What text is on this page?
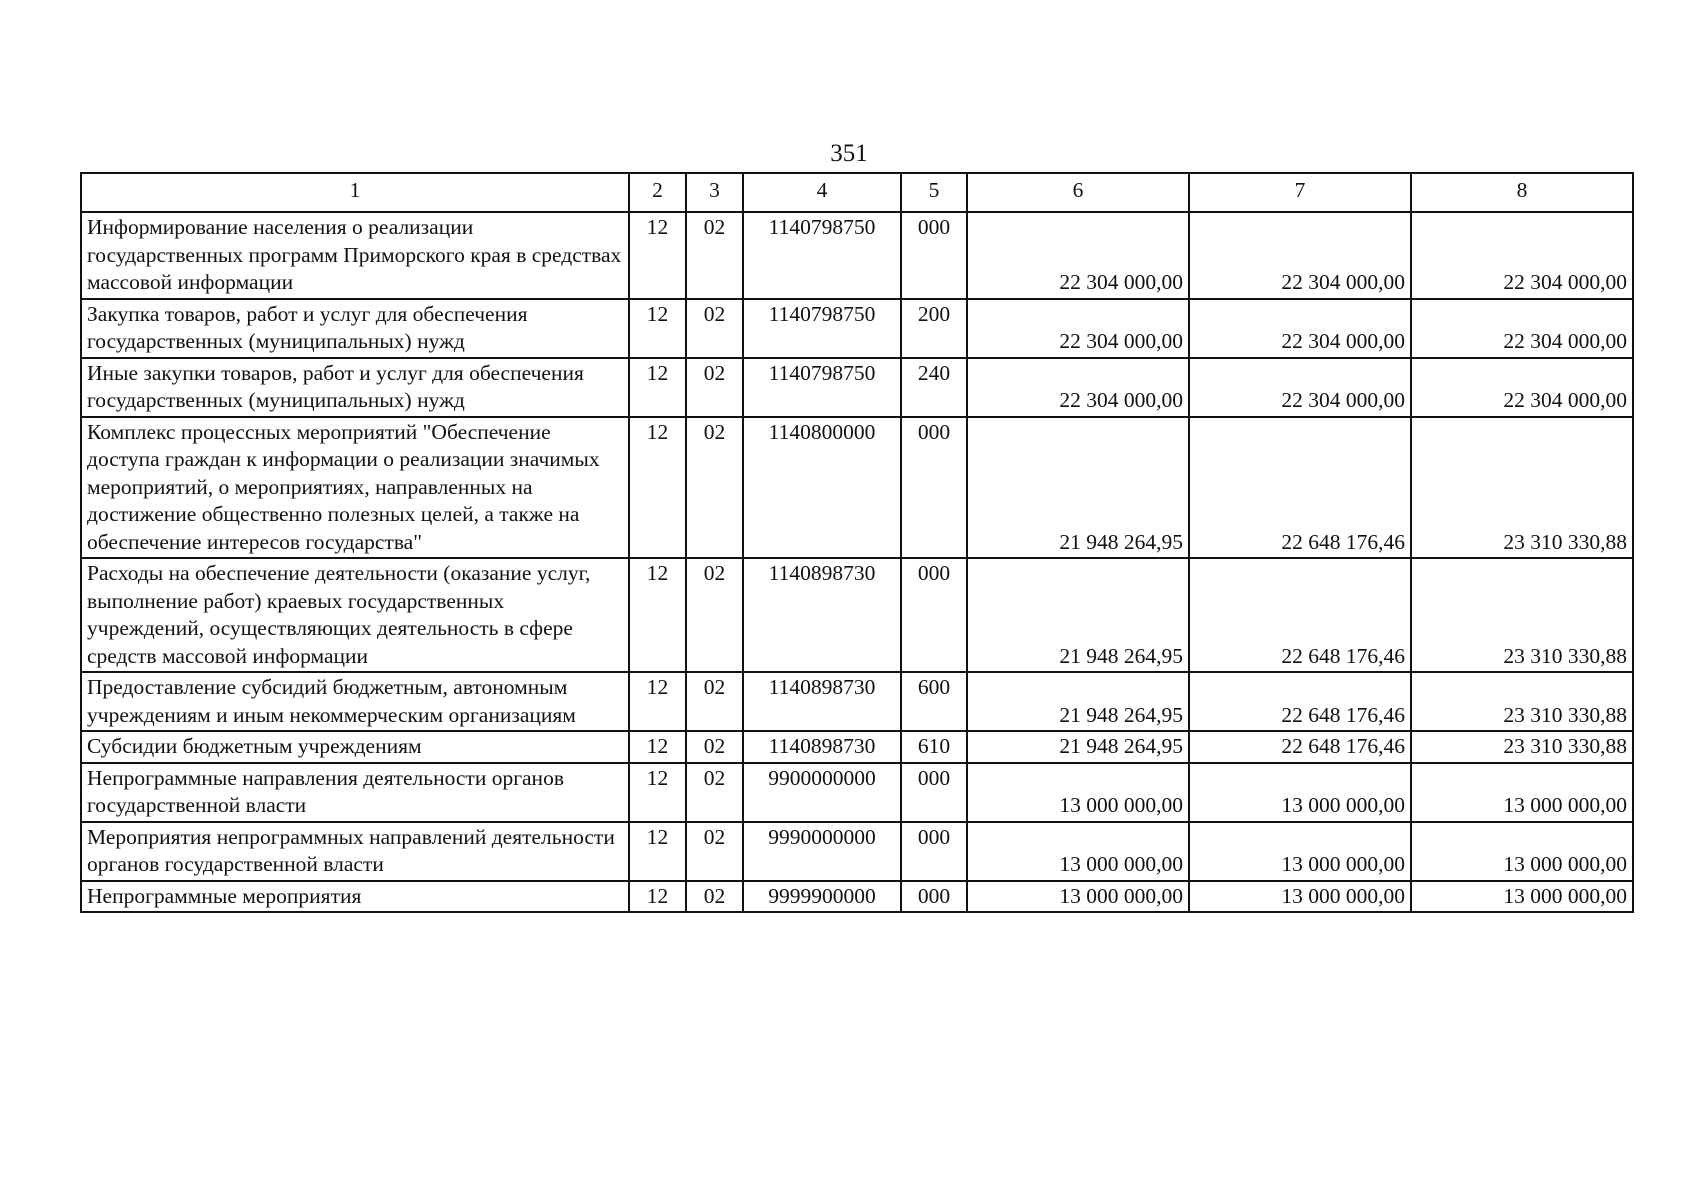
351
1	2	3	4	5	6	7	8
Информирование населения о реализации государственных программ Приморского края в средствах массовой информации	12	02	1140798750	000	22 304 000,00	22 304 000,00	22 304 000,00
Закупка товаров, работ и услуг для обеспечения государственных (муниципальных) нужд	12	02	1140798750	200	22 304 000,00	22 304 000,00	22 304 000,00
Иные закупки товаров, работ и услуг для обеспечения государственных (муниципальных) нужд	12	02	1140798750	240	22 304 000,00	22 304 000,00	22 304 000,00
Комплекс процессных мероприятий "Обеспечение доступа граждан к информации о реализации значимых мероприятий, о мероприятиях, направленных на достижение общественно полезных целей, а также на обеспечение интересов государства"	12	02	1140800000	000	21 948 264,95	22 648 176,46	23 310 330,88
Расходы на обеспечение деятельности (оказание услуг, выполнение работ) краевых государственных учреждений, осуществляющих деятельность в сфере средств массовой информации	12	02	1140898730	000	21 948 264,95	22 648 176,46	23 310 330,88
Предоставление субсидий бюджетным, автономным учреждениям и иным некоммерческим организациям	12	02	1140898730	600	21 948 264,95	22 648 176,46	23 310 330,88
Субсидии бюджетным учреждениям	12	02	1140898730	610	21 948 264,95	22 648 176,46	23 310 330,88
Непрограммные направления деятельности органов государственной власти	12	02	9900000000	000	13 000 000,00	13 000 000,00	13 000 000,00
Мероприятия непрограммных направлений деятельности органов государственной власти	12	02	9990000000	000	13 000 000,00	13 000 000,00	13 000 000,00
Непрограммные мероприятия	12	02	9999900000	000	13 000 000,00	13 000 000,00	13 000 000,00
